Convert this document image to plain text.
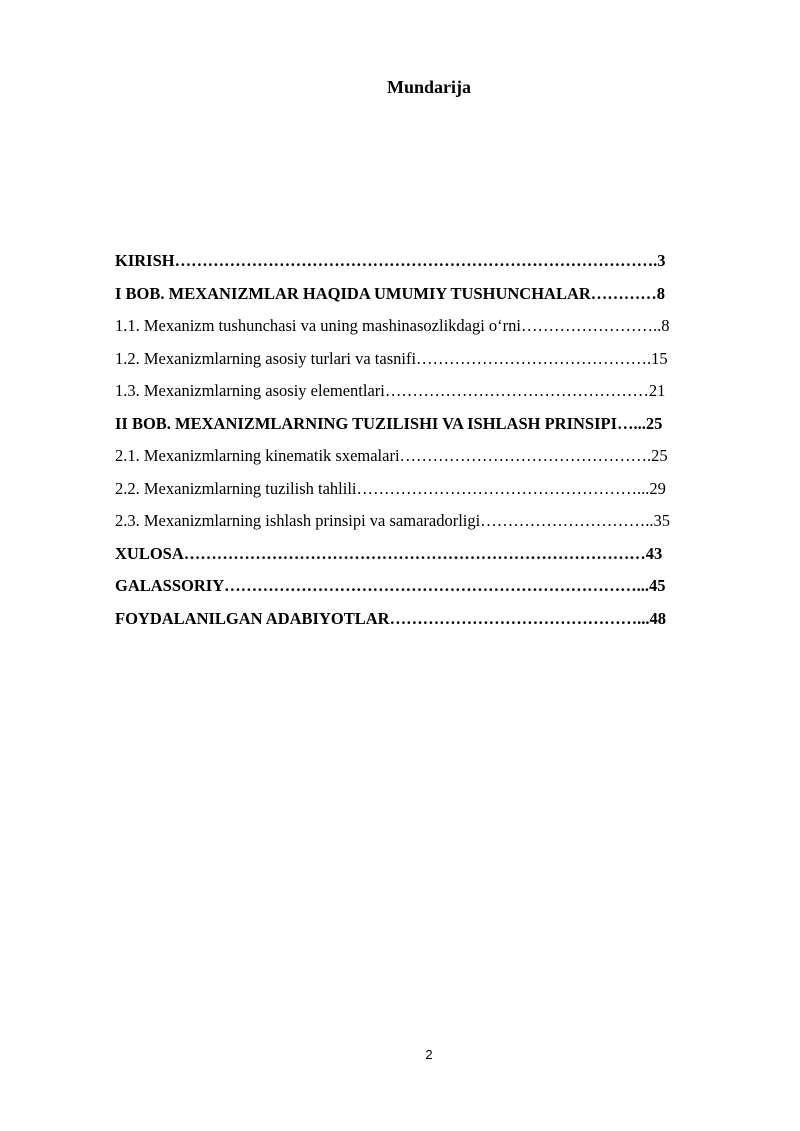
Mundarija
KIRISH…………………………………………………………………………….3
I BOB. MEXANIZMLAR HAQIDA UMUMIY TUSHUNCHALAR…………8
1.1. Mexanizm tushunchasi va uning mashinasozlikdagi o‘rni……………………..8
1.2. Mexanizmlarning asosiy turlari va tasnifi…………………………………….15
1.3. Mexanizmlarning asosiy elementlari…………………………………………21
II BOB. MEXANIZMLARNING TUZILISHI VA ISHLASH PRINSIPI…...25
2.1. Mexanizmlarning kinematik sxemalari……………………………………….25
2.2. Mexanizmlarning tuzilish tahlili……………………………………………...29
2.3. Mexanizmlarning ishlash prinsipi va samaradorligi…………………………..35
XULOSA…………………………………………………………………………43
GALASSORIY…………………………………………………………………...45
FOYDALANILGAN ADABIYOTLAR………………………………………...48
2
